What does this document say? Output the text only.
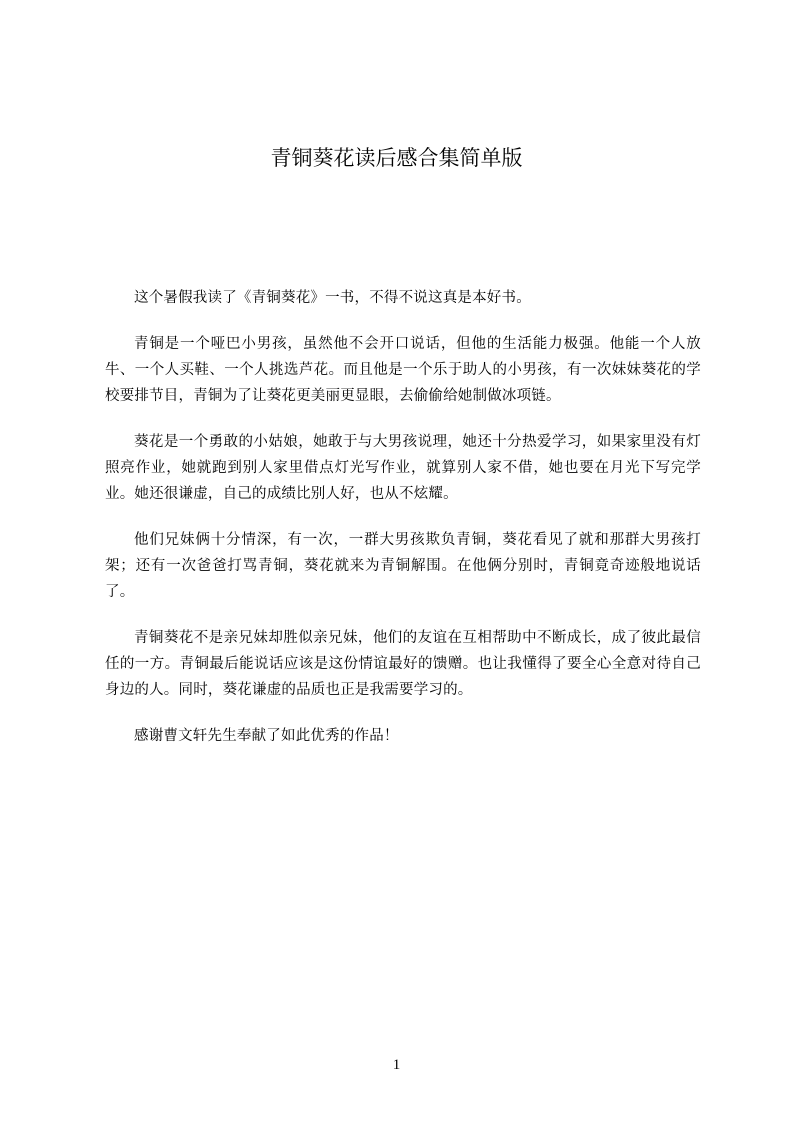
青铜葵花读后感合集简单版

这个暑假我读了《青铜葵花》一书，不得不说这真是本好书。

青铜是一个哑巴小男孩，虽然他不会开口说话，但他的生活能力极强。他能一个人放牛、一个人买鞋、一个人挑选芦花。而且他是一个乐于助人的小男孩，有一次妹妹葵花的学校要排节目，青铜为了让葵花更美丽更显眼，去偷偷给她制做冰项链。

葵花是一个勇敢的小姑娘，她敢于与大男孩说理，她还十分热爱学习，如果家里没有灯照亮作业，她就跑到别人家里借点灯光写作业，就算别人家不借，她也要在月光下写完学业。她还很谦虚，自己的成绩比别人好，也从不炫耀。

他们兄妹俩十分情深，有一次，一群大男孩欺负青铜，葵花看见了就和那群大男孩打架；还有一次爸爸打骂青铜，葵花就来为青铜解围。在他俩分别时，青铜竟奇迹般地说话了。

青铜葵花不是亲兄妹却胜似亲兄妹，他们的友谊在互相帮助中不断成长，成了彼此最信任的一方。青铜最后能说话应该是这份情谊最好的馈赠。也让我懂得了要全心全意对待自己身边的人。同时，葵花谦虚的品质也正是我需要学习的。

感谢曹文轩先生奉献了如此优秀的作品！

1
